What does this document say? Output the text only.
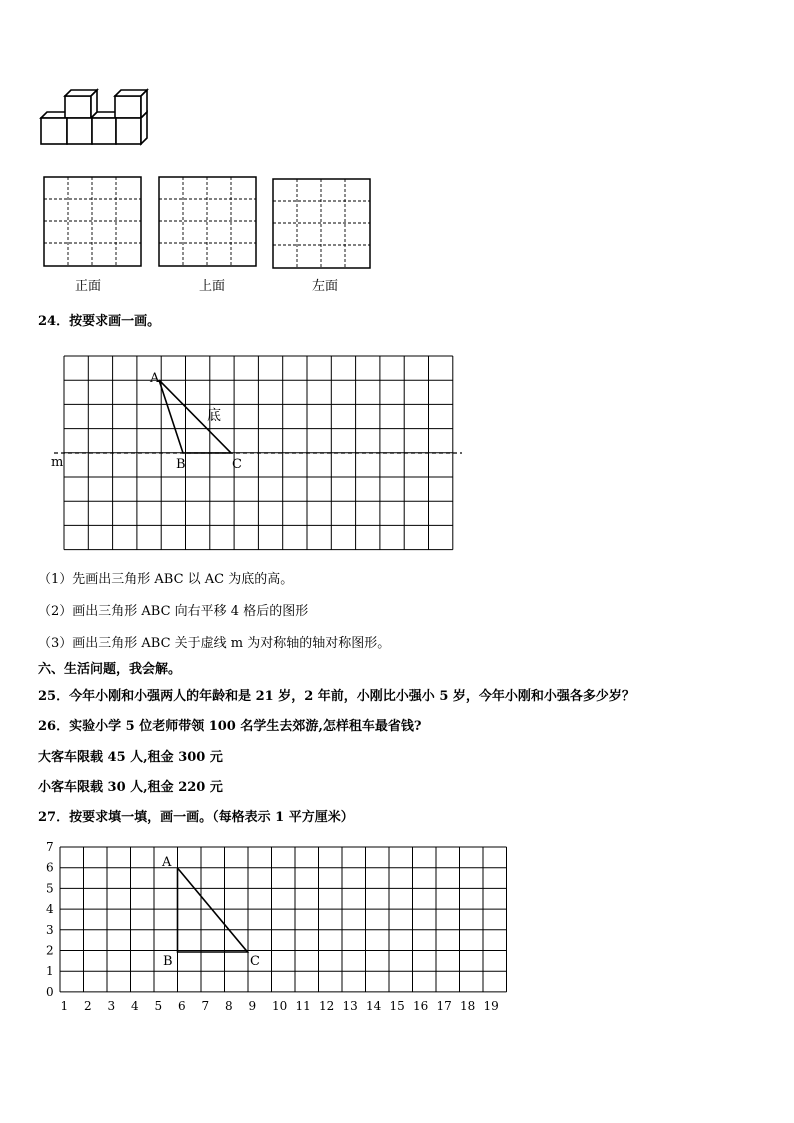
正面	上面	左面
24．按要求画一画。
A
B	C
底
m
（1）先画出三角形 ABC 以 AC 为底的高。
（2）画出三角形 ABC 向右平移 4 格后的图形
（3）画出三角形 ABC 关于虚线 m 为对称轴的轴对称图形。
六、生活问题，我会解。
25．今年小刚和小强两人的年龄和是 21 岁，2 年前，小刚比小强小 5 岁，今年小刚和小强各多少岁？
26．实验小学 5 位老师带领 100 名学生去郊游,怎样租车最省钱?
大客车限载 45 人,租金 300 元
小客车限载 30 人,租金 220 元
27．按要求填一填，画一画。（每格表示 1 平方厘米）
0
1
2
3
4
5
6
7
1 2 3 4 5 6 7 8 9 10 11 12 13 14 15 16 17 18 19
A
B	C
